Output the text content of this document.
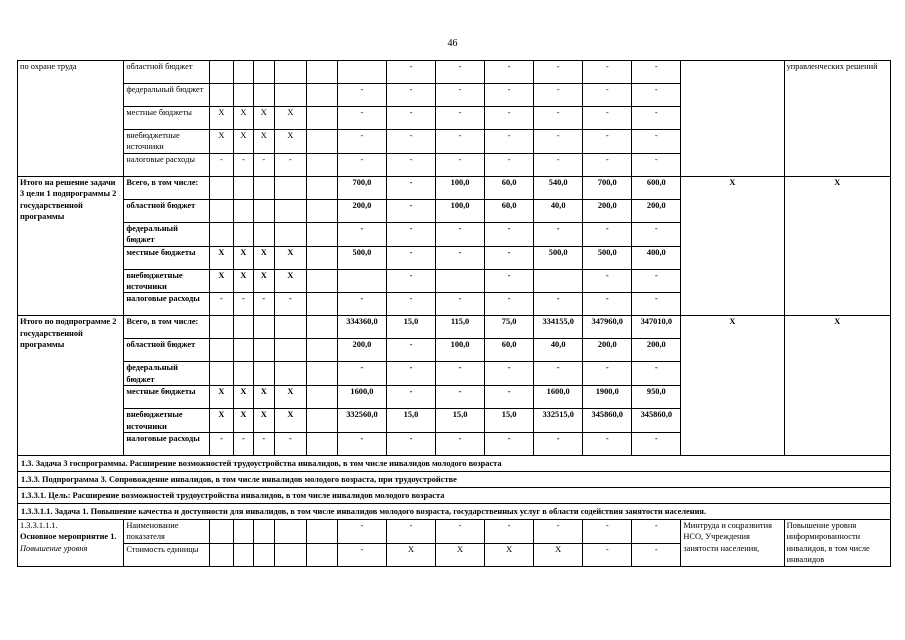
46
по охране труда	областной бюджет							-	-	-	-	-	-		управленческих решений
	федеральный бюджет						-	-	-	-	-	-	-		
	местные бюджеты	X	X	X	X		-	-	-	-	-	-	-		
	внебюджетные источники	X	X	X	X		-	-	-	-	-	-	-		
	налоговые расходы	-	-	-	-		-	-	-	-	-	-	-		
Итого на решение задачи 3 цели 1 подпрограммы 2 государственной программы	Всего, в том числе:						700,0	-	100,0	60,0	540,0	700,0	600,0	X	X
	областной бюджет						200,0	-	100,0	60,0	40,0	200,0	200,0		
	федеральный бюджет						-	-	-	-	-	-	-		
	местные бюджеты	X	X	X	X		500,0	-	-	-	500,0	500,0	400,0		
	внебюджетные источники	X	X	X	X			-		-		-	-		
	налоговые расходы	-	-	-	-		-	-	-	-	-	-	-		
Итого по подпрограмме 2 государственной программы	Всего, в том числе:						334360,0	15,0	115,0	75,0	334155,0	347960,0	347010,0	X	X
	областной бюджет						200,0	-	100,0	60,0	40,0	200,0	200,0		
	федеральный бюджет						-	-	-	-	-	-	-		
	местные бюджеты	X	X	X	X		1600,0	-	-	-	1600,0	1900,0	950,0		
	внебюджетные источники	X	X	X	X		332560,0	15,0	15,0	15,0	332515,0	345860,0	345860,0		
	налоговые расходы	-	-	-	-		-	-	-	-	-	-	-		
1.3. Задача 3 госпрограммы. Расширение возможностей трудоустройства инвалидов, в том числе инвалидов молодого возраста															
1.3.3. Подпрограмма 3. Сопровождение инвалидов, в том числе инвалидов молодого возраста, при трудоустройстве															
1.3.3.1. Цель: Расширение возможностей трудоустройства инвалидов, в том числе инвалидов молодого возраста															
1.3.3.1.1. Задача 1. Повышение качества и доступности для инвалидов, в том числе инвалидов молодого возраста, государственных услуг в области содействия занятости населения.															

1.3.3.1.1.1.
Основное мероприятие 1.
Повышение уровня	Наименование показателя						-	-	-	-	-	-	-	Минтруда и соцразвития НСО, Учреждения занятости населения,	Повышение уровня информированности инвалидов, в том числе инвалидов
	Стоимость единицы						-	X	X	X	X	-	-		
